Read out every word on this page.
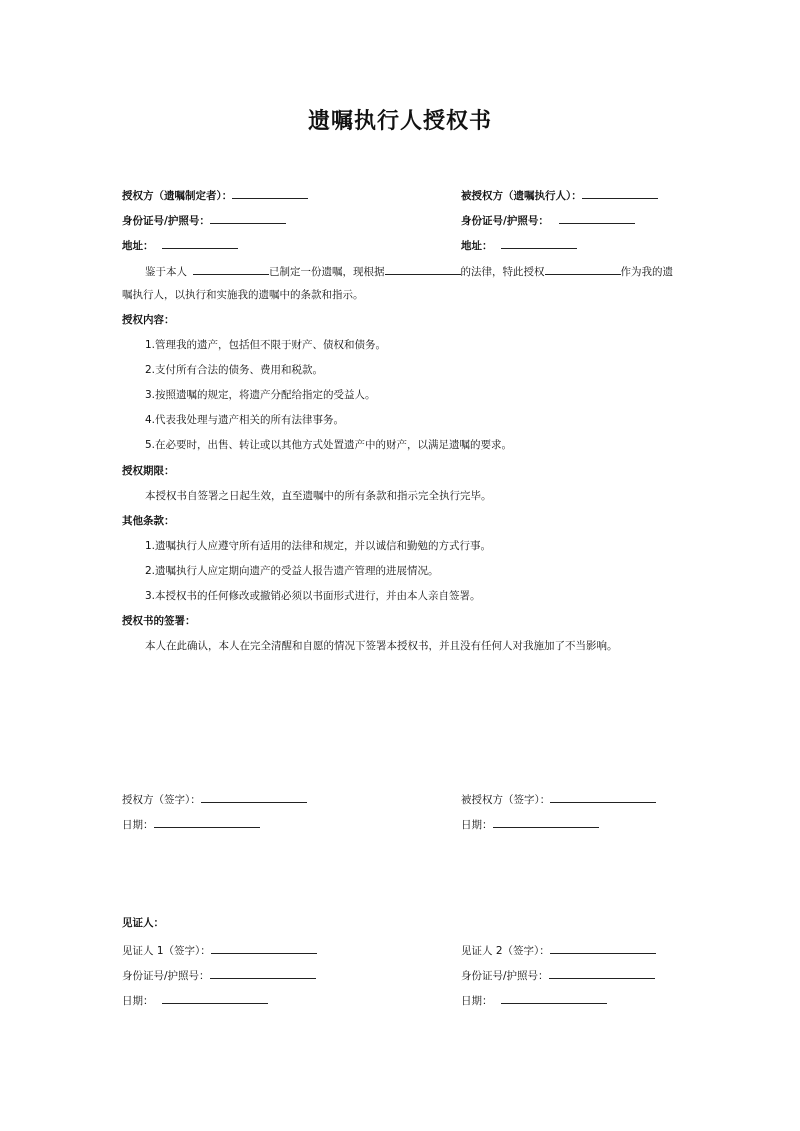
遗嘱执行人授权书
授权方（遗嘱制定者）：	被授权方（遗嘱执行人）：
身份证号/护照号：	身份证号/护照号：
地址：	地址：
鉴于本人	已制定一份遗嘱，现根据	的法律，特此授权	作为我的遗
嘱执行人，以执行和实施我的遗嘱中的条款和指示。
授权内容：
1.管理我的遗产，包括但不限于财产、债权和债务。
2.支付所有合法的债务、费用和税款。
3.按照遗嘱的规定，将遗产分配给指定的受益人。
4.代表我处理与遗产相关的所有法律事务。
5.在必要时，出售、转让或以其他方式处置遗产中的财产，以满足遗嘱的要求。
授权期限：
本授权书自签署之日起生效，直至遗嘱中的所有条款和指示完全执行完毕。
其他条款：
1.遗嘱执行人应遵守所有适用的法律和规定，并以诚信和勤勉的方式行事。
2.遗嘱执行人应定期向遗产的受益人报告遗产管理的进展情况。
3.本授权书的任何修改或撤销必须以书面形式进行，并由本人亲自签署。
授权书的签署：
本人在此确认，本人在完全清醒和自愿的情况下签署本授权书，并且没有任何人对我施加了不当影响。
授权方（签字）：	被授权方（签字）：
日期：	日期：
见证人：
见证人 1（签字）：	见证人 2（签字）：
身份证号/护照号：	身份证号/护照号：
日期：	日期：
